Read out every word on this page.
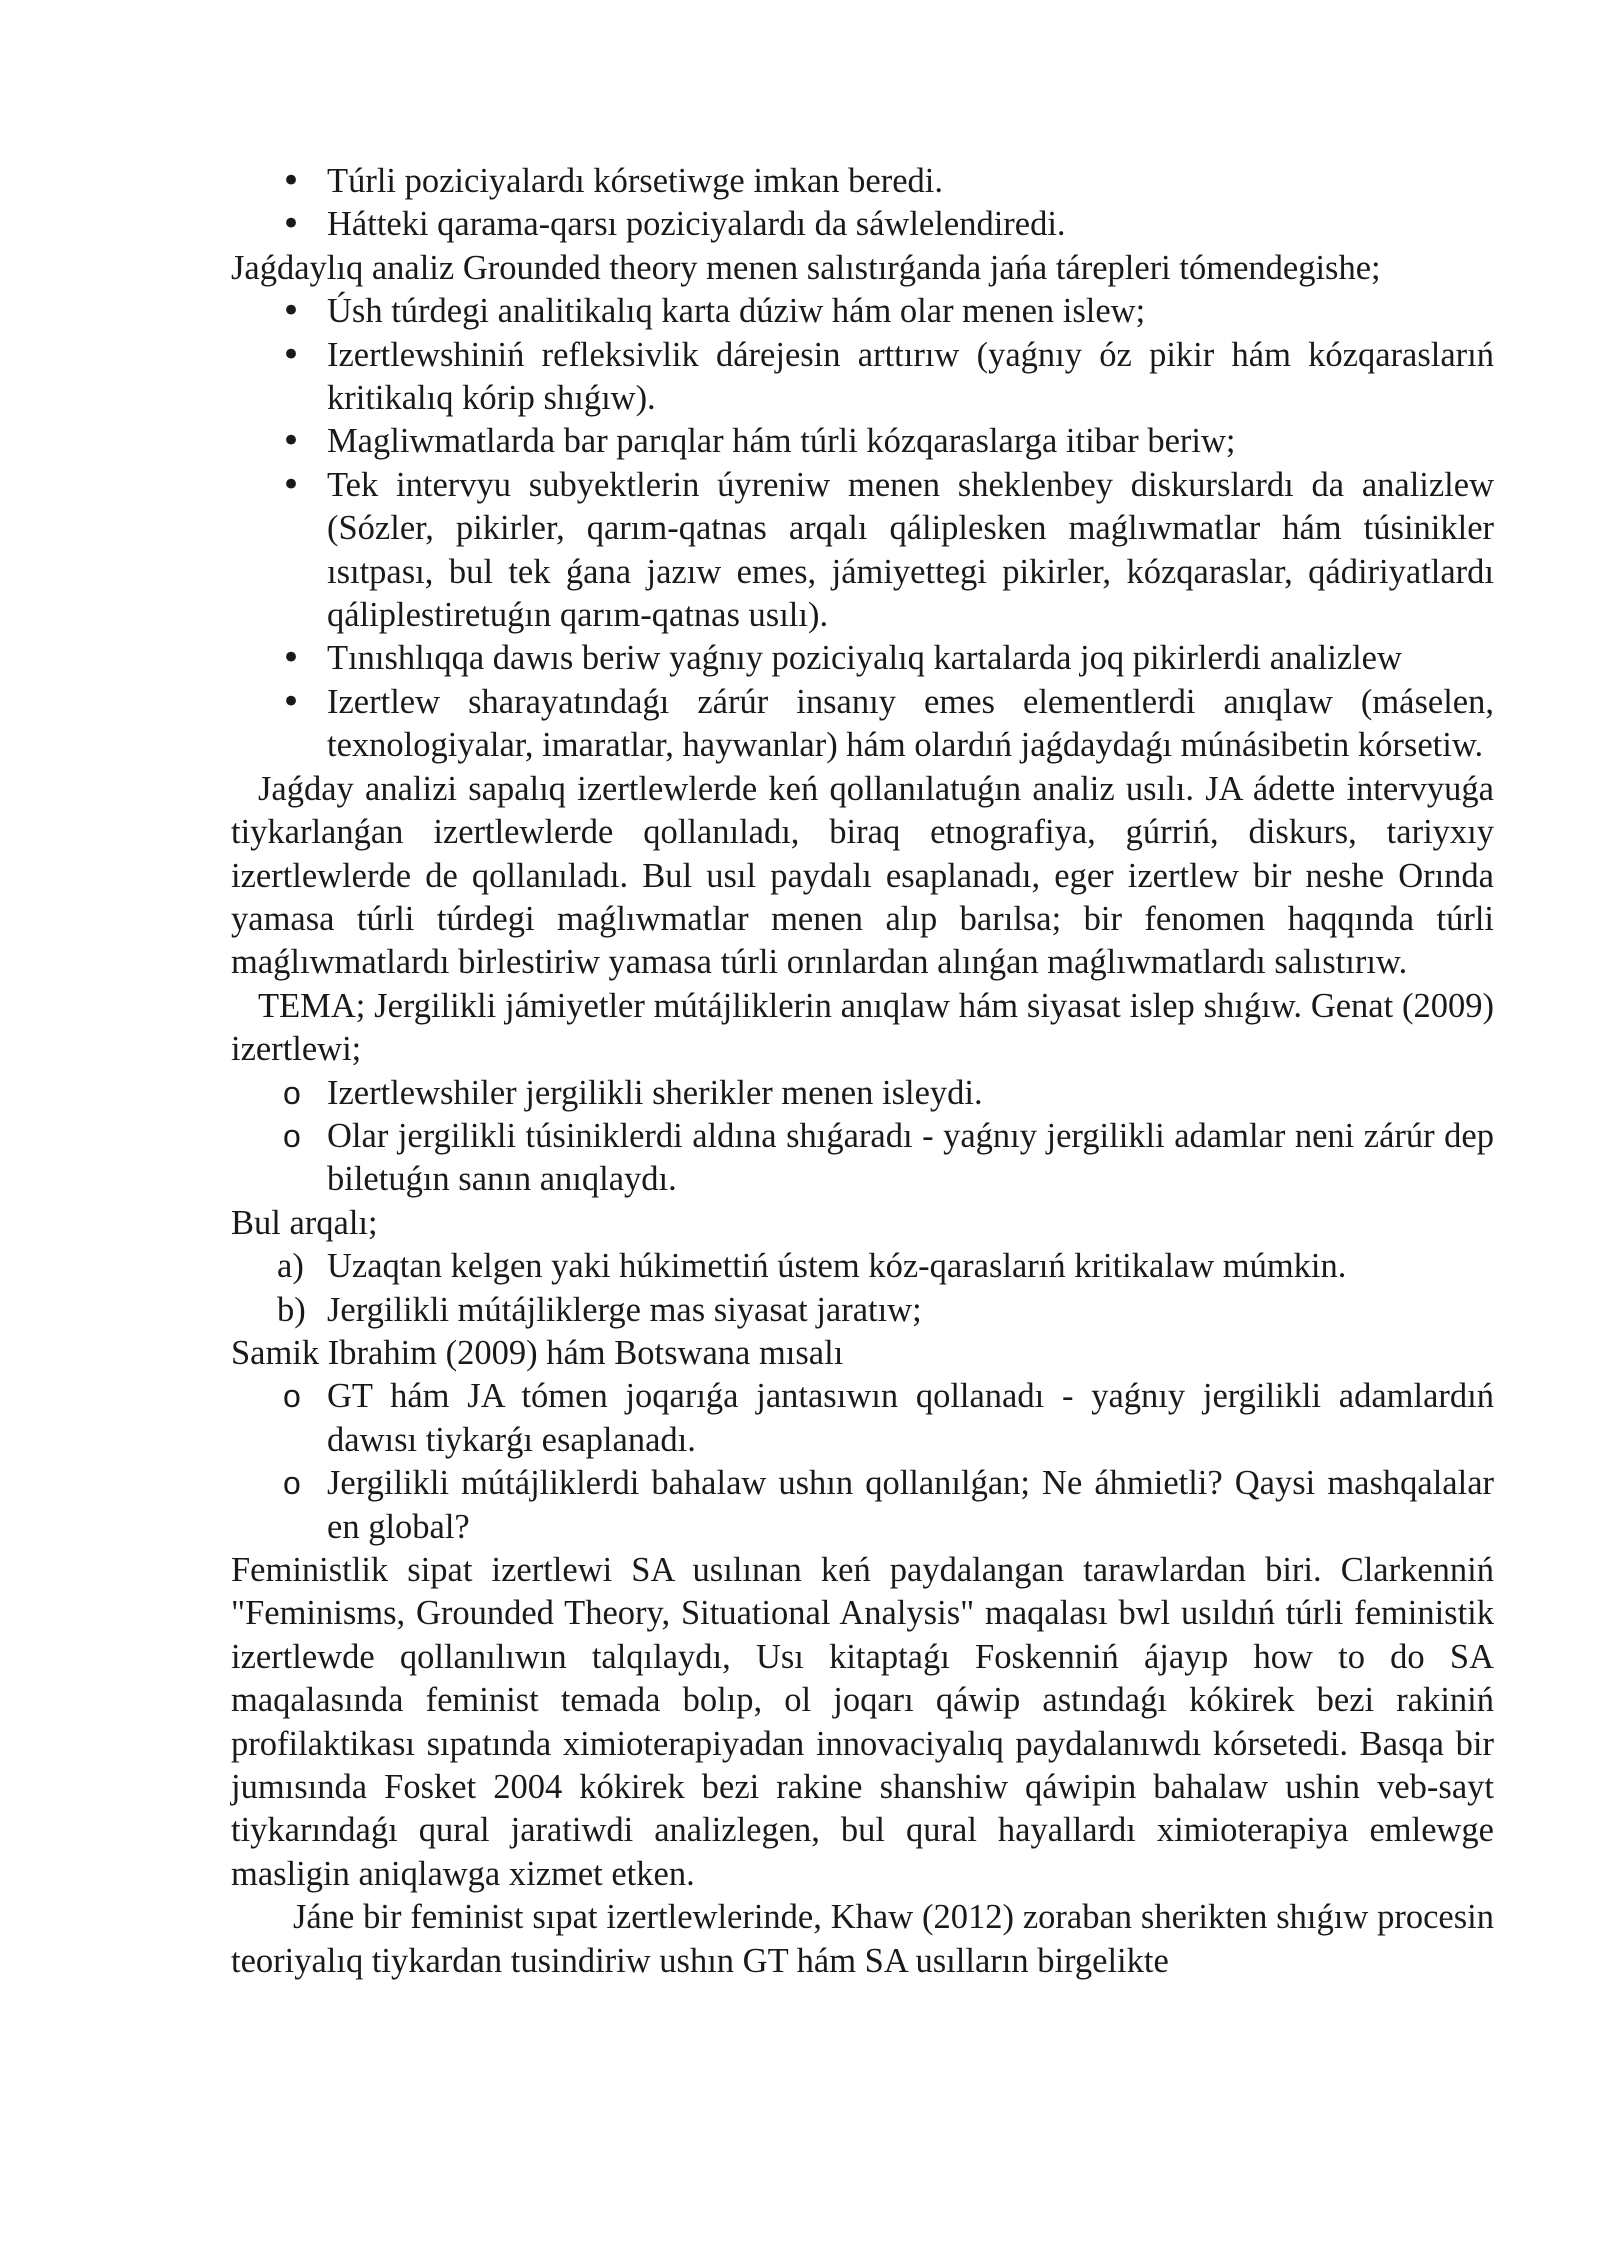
• Túrli poziciyalardı kórsetiwge imkan beredi.
• Hátteki qarama-qarsı poziciyalardı da sáwlelendiredi.

Jaǵdaylıq analiz Grounded theory menen salıstırǵanda jańa tárepleri tómendegishe;

• Úsh túrdegi analitikalıq karta dúziw hám olar menen islew;
• Izertlewshiniń refleksivlik dárejesin arttırıw (yaǵnıy óz pikir hám kózqaraslarıń kritikalıq kórip shıǵıw).
• Magliwmatlarda bar parıqlar hám túrli kózqaraslarga itibar beriw;
• Tek intervyu subyektlerin úyreniw menen sheklenbey diskurslardı da analizlew (Sózler, pikirler, qarım-qatnas arqalı qáliplesken maǵlıwmatlar hám túsinikler ısıtpası, bul tek ǵana jazıw emes, jámiyettegi pikirler, kózqaraslar, qádiriyatlardı qáliplestiretuǵın qarım-qatnas usılı).
• Tınıshlıqqa dawıs beriw yaǵnıy poziciyalıq kartalarda joq pikirlerdi analizlew
• Izertlew sharayatındaǵı zárúr insanıy emes elementlerdi anıqlaw (máselen, texnologiyalar, imaratlar, haywanlar) hám olardıń jaǵdaydaǵı múnásibetin kórsetiw.

Jaǵday analizi sapalıq izertlewlerde keń qollanılatuǵın analiz usılı. JA ádette intervyuǵa tiykarlanǵan izertlewlerde qollanıladı, biraq etnografiya, gúrriń, diskurs, tariyxıy izertlewlerde de qollanıladı. Bul usıl paydalı esaplanadı, eger izertlew bir neshe Orında yamasa túrli túrdegi maǵlıwmatlar menen alıp barılsa; bir fenomen haqqında túrli maǵlıwmatlardı birlestiriw yamasa túrli orınlardan alınǵan maǵlıwmatlardı salıstırıw.

TEMA; Jergilikli jámiyetler mútájliklerin anıqlaw hám siyasat islep shıǵıw. Genat (2009) izertlewi;

o Izertlewshiler jergilikli sherikler menen isleydi.
o Olar jergilikli túsiniklerdi aldına shıǵaradı - yaǵnıy jergilikli adamlar neni zárúr dep biletuǵın sanın anıqlaydı.

Bul arqalı;

a) Uzaqtan kelgen yaki húkimettiń ústem kóz-qaraslarıń kritikalaw múmkin.
b) Jergilikli mútájliklerge mas siyasat jaratıw;

Samik Ibrahim (2009) hám Botswana mısalı

o GT hám JA tómen joqarıǵa jantasıwın qollanadı - yaǵnıy jergilikli adamlardıń dawısı tiykarǵı esaplanadı.
o Jergilikli mútájliklerdi bahalaw ushın qollanılǵan; Ne áhmietli? Qaysi mashqalalar en global?

Feministlik sipat izertlewi SA usılınan keń paydalangan tarawlardan biri. Clarkenniń "Feminisms, Grounded Theory, Situational Analysis" maqalası bwl usıldıń túrli feministik izertlewde qollanılıwın talqılaydı, Usı kitaptaǵı Foskenniń ájayıp how to do SA maqalasında feminist temada bolıp, ol joqarı qáwip astındaǵı kókirek bezi rakiniń profilaktikası sıpatında ximioterapiyadan innovaciyalıq paydalanıwdı kórsetedi. Basqa bir jumısında Fosket 2004 kókirek bezi rakine shanshiw qáwipin bahalaw ushin veb-sayt tiykarındaǵı qural jaratiwdi analizlegen, bul qural hayallardı ximioterapiya emlewge masligin aniqlawga xizmet etken.

Jáne bir feminist sıpat izertlewlerinde, Khaw (2012) zoraban sherikten shıǵıw procesin teoriyalıq tiykardan tusindiriw ushın GT hám SA usılların birgelikte
